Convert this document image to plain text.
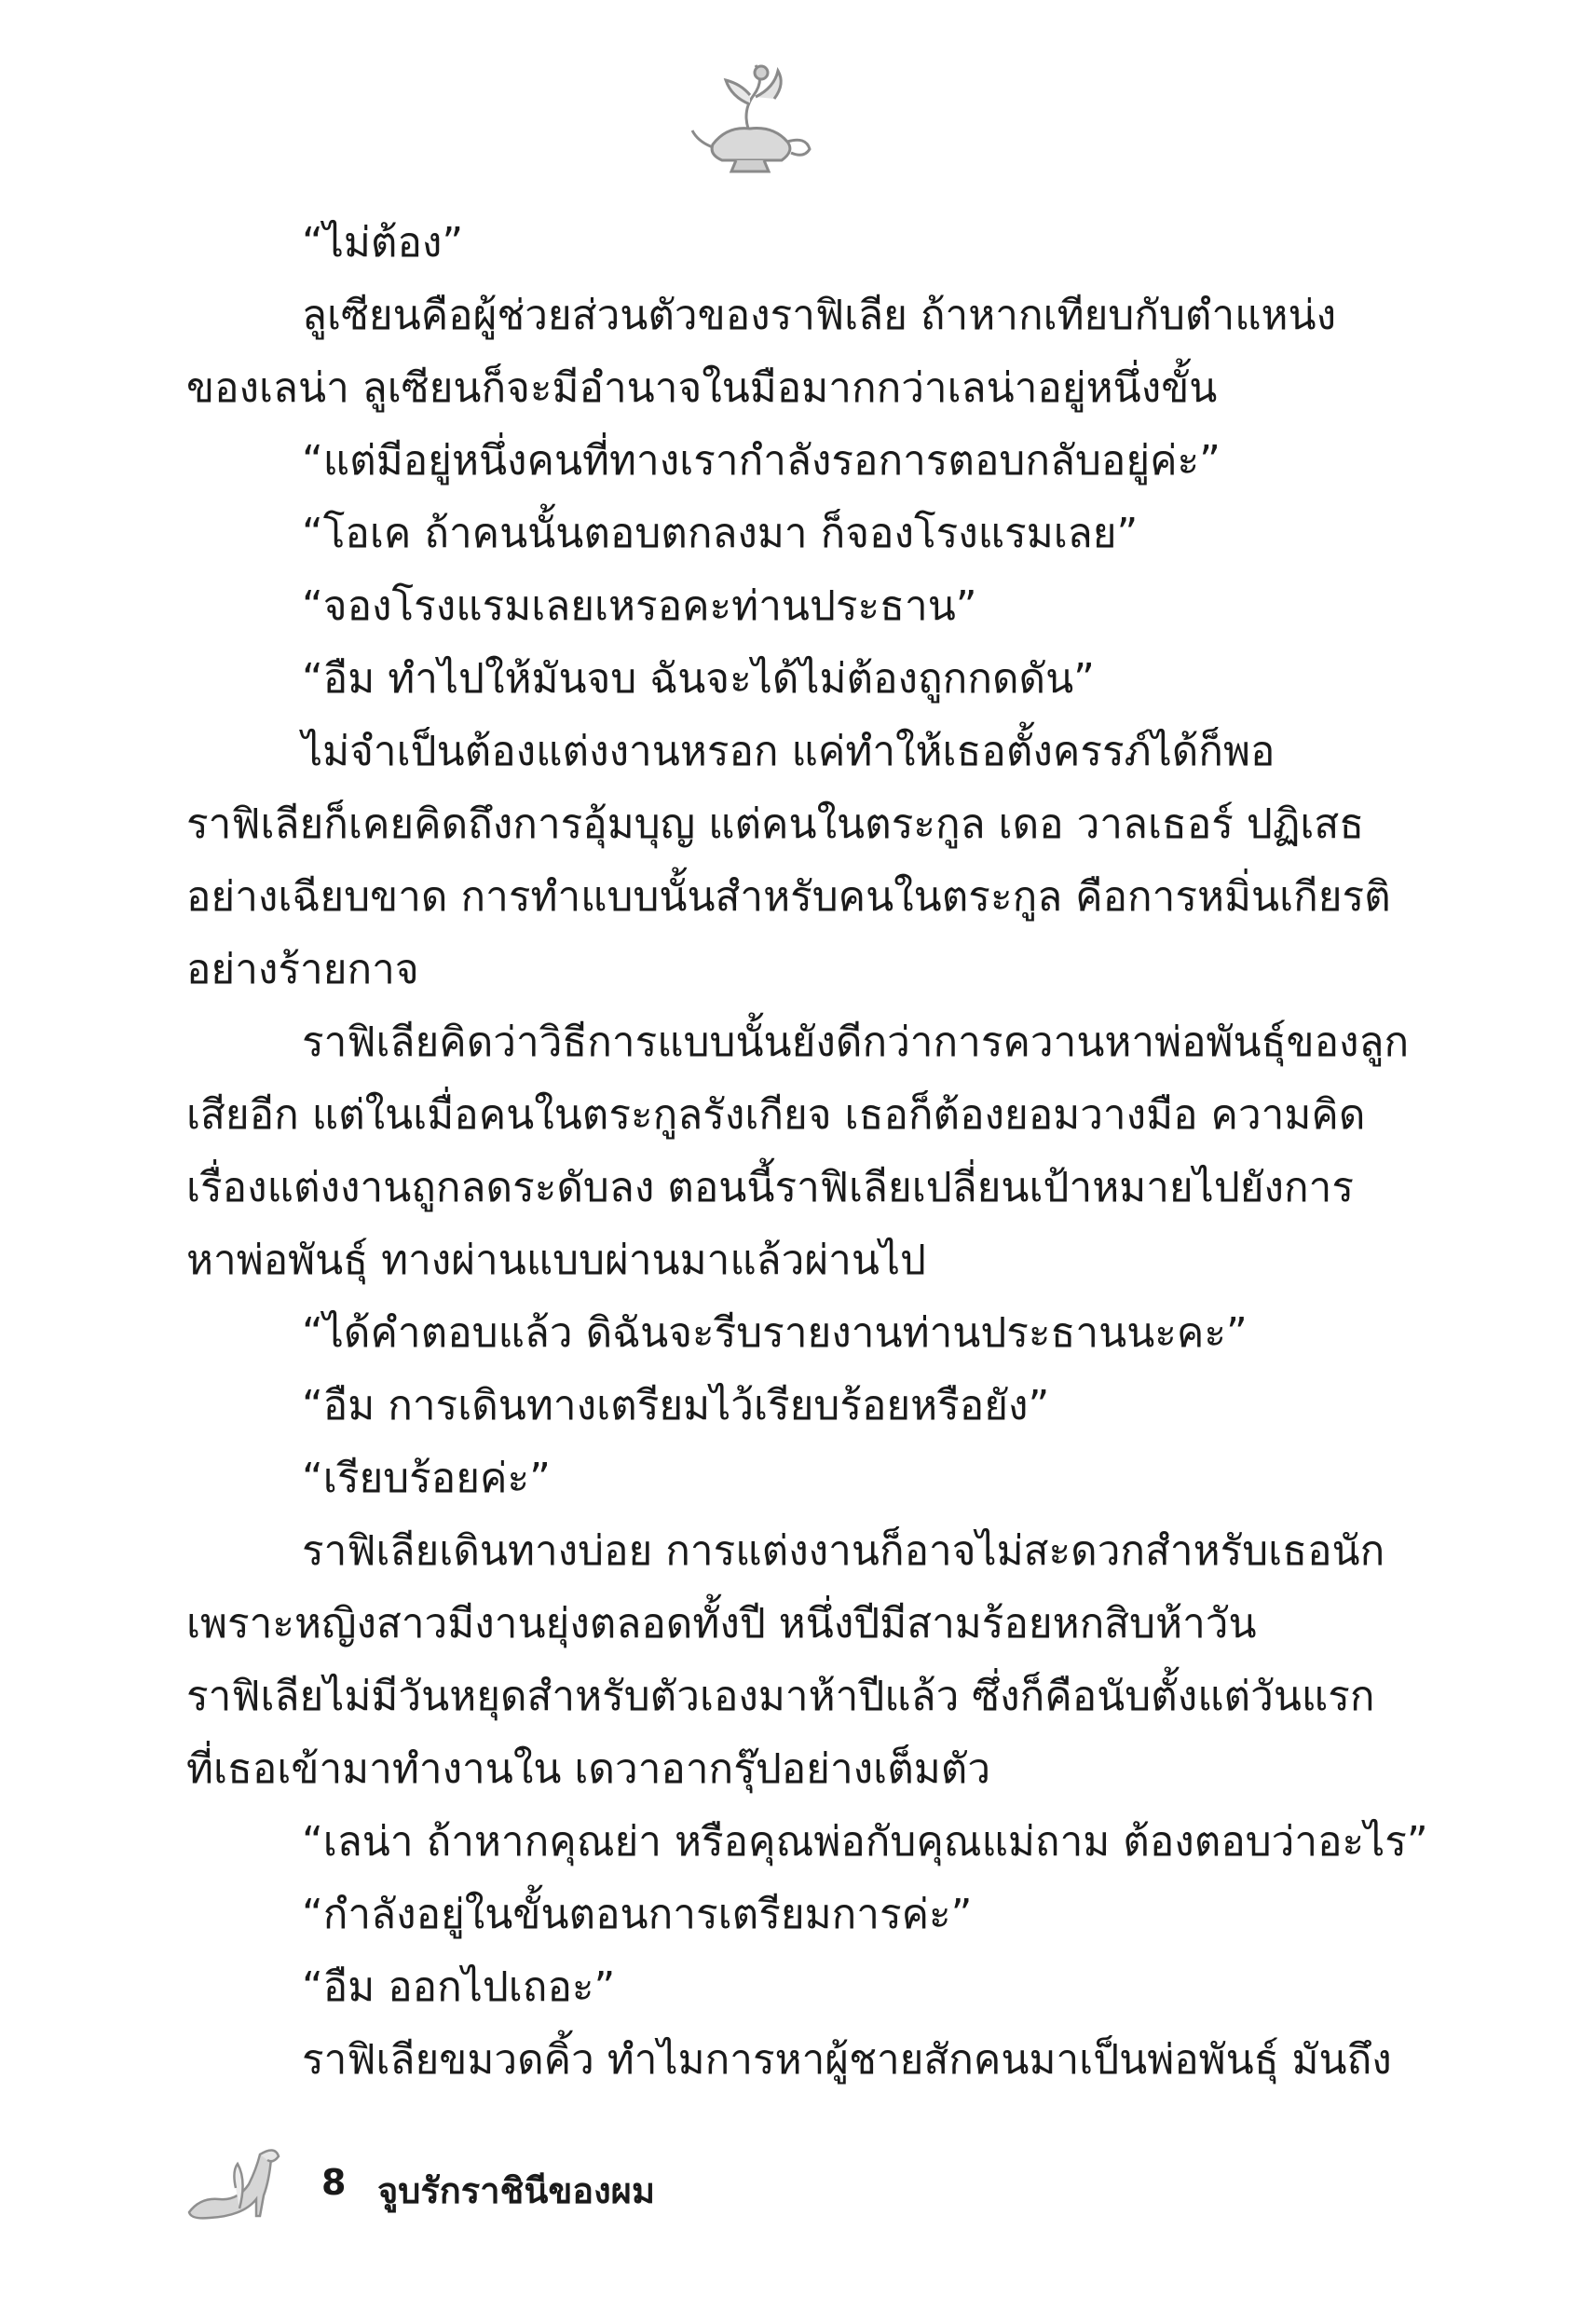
“ไม่ต้อง”
ลูเซียนคือผู้ช่วยส่วนตัวของราฟิเลีย ถ้าหากเทียบกับตำแหน่ง
ของเลน่า ลูเซียนก็จะมีอำนาจในมือมากกว่าเลน่าอยู่หนึ่งขั้น
“แต่มีอยู่หนึ่งคนที่ทางเรากำลังรอการตอบกลับอยู่ค่ะ”
“โอเค ถ้าคนนั้นตอบตกลงมา ก็จองโรงแรมเลย”
“จองโรงแรมเลยเหรอคะท่านประธาน”
“อืม ทำไปให้มันจบ ฉันจะได้ไม่ต้องถูกกดดัน”
ไม่จำเป็นต้องแต่งงานหรอก แค่ทำให้เธอตั้งครรภ์ได้ก็พอ
ราฟิเลียก็เคยคิดถึงการอุ้มบุญ แต่คนในตระกูล เดอ วาลเธอร์ ปฏิเสธ
อย่างเฉียบขาด การทำแบบนั้นสำหรับคนในตระกูล คือการหมิ่นเกียรติ
อย่างร้ายกาจ
ราฟิเลียคิดว่าวิธีการแบบนั้นยังดีกว่าการควานหาพ่อพันธุ์ของลูก
เสียอีก แต่ในเมื่อคนในตระกูลรังเกียจ เธอก็ต้องยอมวางมือ ความคิด
เรื่องแต่งงานถูกลดระดับลง ตอนนี้ราฟิเลียเปลี่ยนเป้าหมายไปยังการ
หาพ่อพันธุ์ ทางผ่านแบบผ่านมาแล้วผ่านไป
“ได้คำตอบแล้ว ดิฉันจะรีบรายงานท่านประธานนะคะ”
“อืม การเดินทางเตรียมไว้เรียบร้อยหรือยัง”
“เรียบร้อยค่ะ”
ราฟิเลียเดินทางบ่อย การแต่งงานก็อาจไม่สะดวกสำหรับเธอนัก
เพราะหญิงสาวมีงานยุ่งตลอดทั้งปี หนึ่งปีมีสามร้อยหกสิบห้าวัน
ราฟิเลียไม่มีวันหยุดสำหรับตัวเองมาห้าปีแล้ว ซึ่งก็คือนับตั้งแต่วันแรก
ที่เธอเข้ามาทำงานใน เดวาอากรุ๊ปอย่างเต็มตัว
“เลน่า ถ้าหากคุณย่า หรือคุณพ่อกับคุณแม่ถาม ต้องตอบว่าอะไร”
“กำลังอยู่ในขั้นตอนการเตรียมการค่ะ”
“อืม ออกไปเถอะ”
ราฟิเลียขมวดคิ้ว ทำไมการหาผู้ชายสักคนมาเป็นพ่อพันธุ์ มันถึง
8 จูบรักราชินีของผม
